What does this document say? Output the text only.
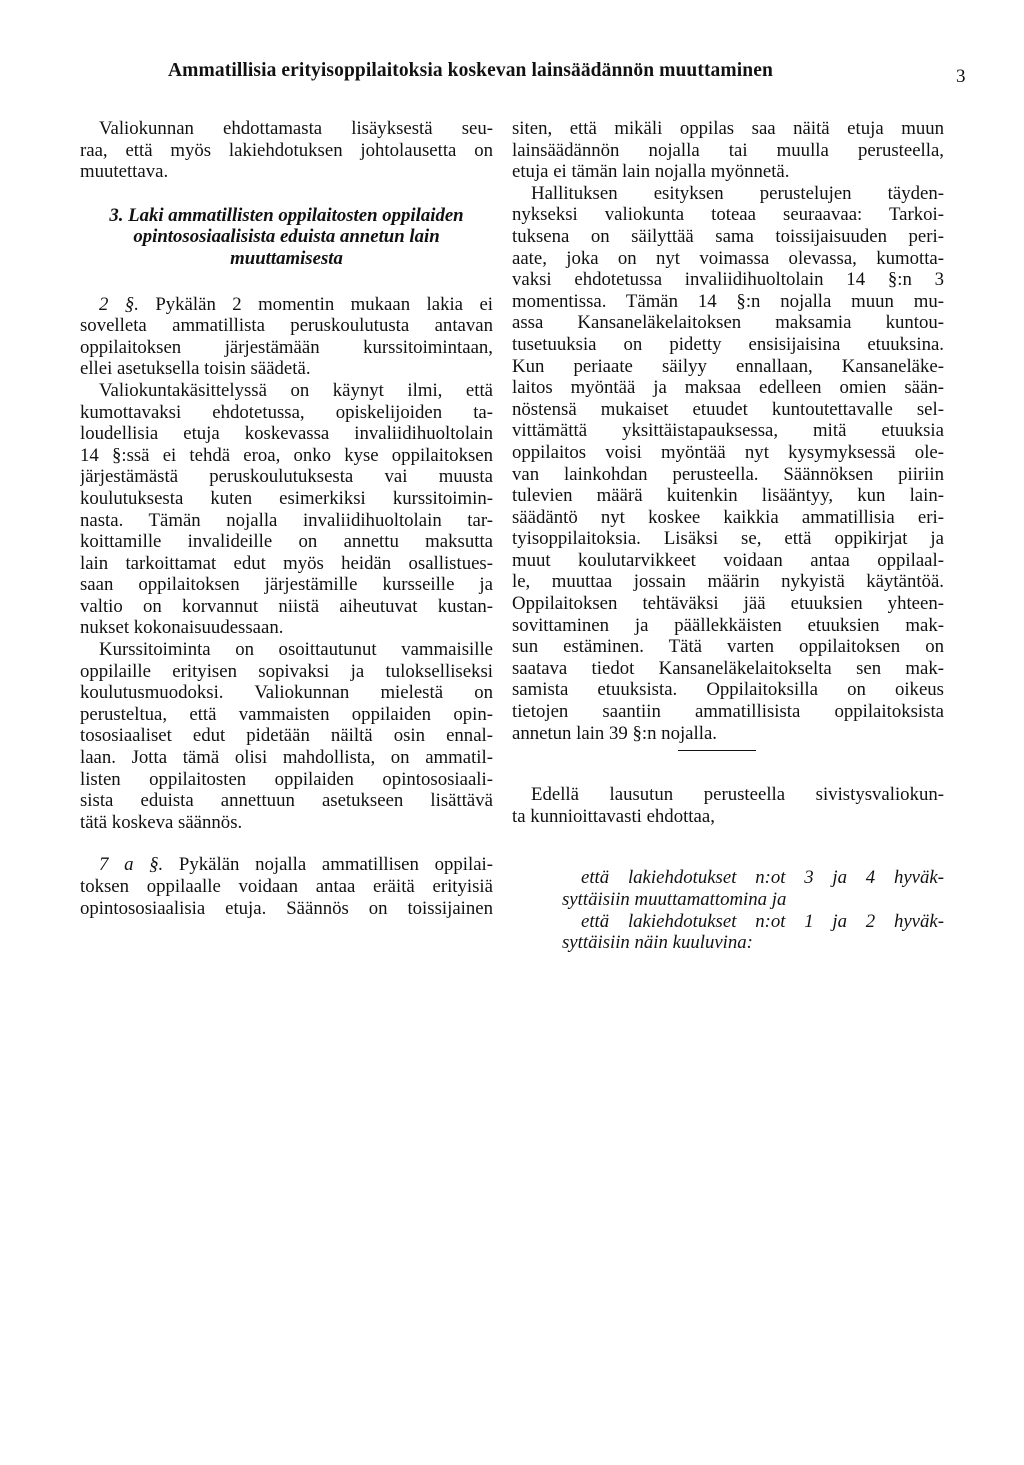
Ammatillisia erityisoppilaitoksia koskevan lainsäädännön muuttaminen	3
Valiokunnan ehdottamasta lisäyksestä seu-
raa, että myös lakiehdotuksen johtolausetta on
muutettava.
3. Laki ammatillisten oppilaitosten oppilaiden
opintososiaalisista eduista annetun lain
muuttamisesta
2 §. Pykälän 2 momentin mukaan lakia ei
sovelleta ammatillista peruskoulutusta antavan
oppilaitoksen järjestämään kurssitoimintaan,
ellei asetuksella toisin säädetä.
Valiokuntakäsittelyssä on käynyt ilmi, että
kumottavaksi ehdotetussa, opiskelijoiden ta-
loudellisia etuja koskevassa invaliidihuoltolain
14 §:ssä ei tehdä eroa, onko kyse oppilaitoksen
järjestämästä peruskoulutuksesta vai muusta
koulutuksesta kuten esimerkiksi kurssitoimin-
nasta. Tämän nojalla invaliidihuoltolain tar-
koittamille invalideille on annettu maksutta
lain tarkoittamat edut myös heidän osallistues-
saan oppilaitoksen järjestämille kursseille ja
valtio on korvannut niistä aiheutuvat kustan-
nukset kokonaisuudessaan.
Kurssitoiminta on osoittautunut vammaisille
oppilaille erityisen sopivaksi ja tulokselliseksi
koulutusmuodoksi. Valiokunnan mielestä on
perusteltua, että vammaisten oppilaiden opin-
tososiaaliset edut pidetään näiltä osin ennal-
laan. Jotta tämä olisi mahdollista, on ammatil-
listen oppilaitosten oppilaiden opintososiaali-
sista eduista annettuun asetukseen lisättävä
tätä koskeva säännös.
7 a §. Pykälän nojalla ammatillisen oppilai-
toksen oppilaalle voidaan antaa eräitä erityisiä
opintososiaalisia etuja. Säännös on toissijainen
siten, että mikäli oppilas saa näitä etuja muun
lainsäädännön nojalla tai muulla perusteella,
etuja ei tämän lain nojalla myönnetä.
Hallituksen esityksen perustelujen täyden-
nykseksi valiokunta toteaa seuraavaa: Tarkoi-
tuksena on säilyttää sama toissijaisuuden peri-
aate, joka on nyt voimassa olevassa, kumotta-
vaksi ehdotetussa invaliidihuoltolain 14 §:n 3
momentissa. Tämän 14 §:n nojalla muun mu-
assa Kansaneläkelaitoksen maksamia kuntou-
tusetuuksia on pidetty ensisijaisina etuuksina.
Kun periaate säilyy ennallaan, Kansaneläke-
laitos myöntää ja maksaa edelleen omien sään-
nöstensä mukaiset etuudet kuntoutettavalle sel-
vittämättä yksittäistapauksessa, mitä etuuksia
oppilaitos voisi myöntää nyt kysymyksessä ole-
van lainkohdan perusteella. Säännöksen piiriin
tulevien määrä kuitenkin lisääntyy, kun lain-
säädäntö nyt koskee kaikkia ammatillisia eri-
tyisoppilaitoksia. Lisäksi se, että oppikirjat ja
muut koulutarvikkeet voidaan antaa oppilaal-
le, muuttaa jossain määrin nykyistä käytäntöä.
Oppilaitoksen tehtäväksi jää etuuksien yhteen-
sovittaminen ja päällekkäisten etuuksien mak-
sun estäminen. Tätä varten oppilaitoksen on
saatava tiedot Kansaneläkelaitokselta sen mak-
samista etuuksista. Oppilaitoksilla on oikeus
tietojen saantiin ammatillisista oppilaitoksista
annetun lain 39 §:n nojalla.
Edellä lausutun perusteella sivistysvaliokun-
ta kunnioittavasti ehdottaa,
että lakiehdotukset n:ot 3 ja 4 hyväk-
syttäisiin muuttamattomina ja
että lakiehdotukset n:ot 1 ja 2 hyväk-
syttäisiin näin kuuluvina:
